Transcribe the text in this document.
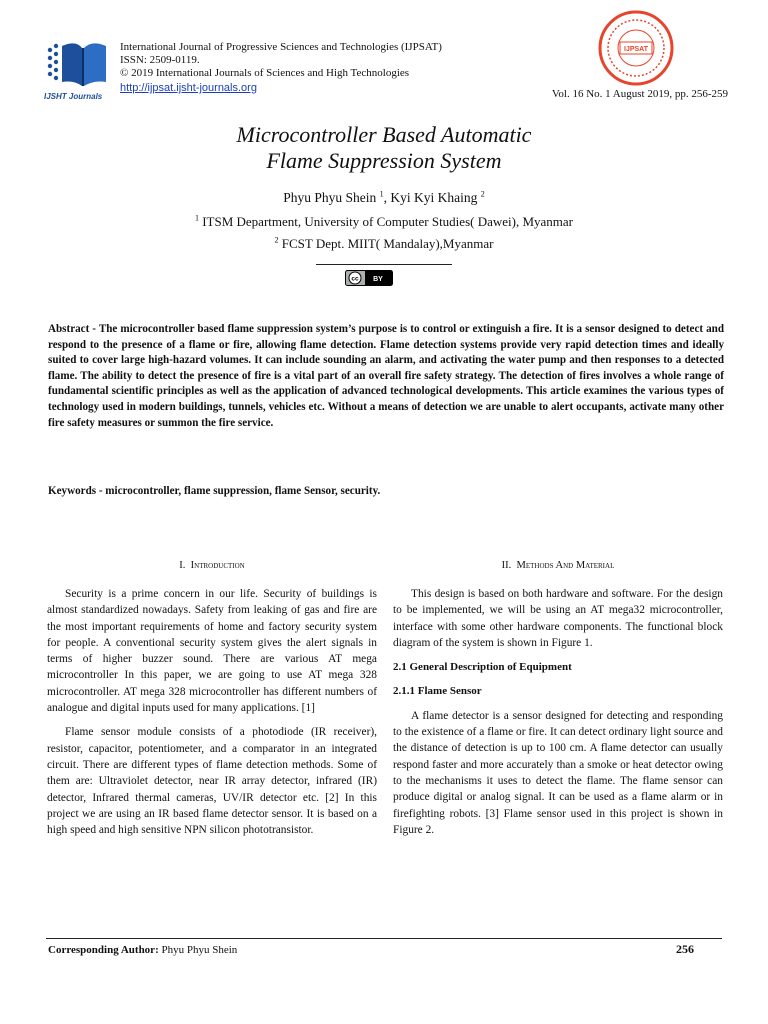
IJSHT Journals
International Journal of Progressive Sciences and Technologies (IJPSAT)
ISSN: 2509-0119.
© 2019 International Journals of Sciences and High Technologies
http://ijpsat.ijsht-journals.org	Vol. 16 No. 1 August 2019, pp. 256-259
IJPSAT
Microcontroller Based Automatic
Flame Suppression System
Phyu Phyu Shein $^1$, Kyi Kyi Khaing $^2$
$^1$ ITSM Department, University of Computer Studies( Dawei), Myanmar
$^2$ FCST Dept. MIIT( Mandalay),Myanmar
cc BY
Abstract - The microcontroller based flame suppression system’s purpose is to control or extinguish a fire. It is a sensor designed to detect and respond to the presence of a flame or fire, allowing flame detection. Flame detection systems provide very rapid detection times and ideally suited to cover large high-hazard volumes. It can include sounding an alarm, and activating the water pump and then responses to a detected flame. The ability to detect the presence of fire is a vital part of an overall fire safety strategy. The detection of fires involves a whole range of fundamental scientific principles as well as the application of advanced technological developments. This article examines the various types of technology used in modern buildings, tunnels, vehicles etc. Without a means of detection we are unable to alert occupants, activate many other fire safety measures or summon the fire service.
Keywords - microcontroller, flame suppression, flame Sensor, security.
I. Introduction

Security is a prime concern in our life. Security of buildings is almost standardized nowadays. Safety from leaking of gas and fire are the most important requirements of home and factory security system for people. A conventional security system gives the alert signals in terms of higher buzzer sound. There are various AT mega microcontroller In this paper, we are going to use AT mega 328 microcontroller. AT mega 328 microcontroller has different numbers of analogue and digital inputs used for many applications. [1]

Flame sensor module consists of a photodiode (IR receiver), resistor, capacitor, potentiometer, and a comparator in an integrated circuit. There are different types of flame detection methods. Some of them are: Ultraviolet detector, near IR array detector, infrared (IR) detector, Infrared thermal cameras, UV/IR detector etc. [2] In this project we are using an IR based flame detector sensor. It is based on a high speed and high sensitive NPN silicon phototransistor.

II. Methods And Material

This design is based on both hardware and software. For the design to be implemented, we will be using an AT mega32 microcontroller, interface with some other hardware components. The functional block diagram of the system is shown in Figure 1.

2.1 General Description of Equipment
2.1.1 Flame Sensor

A flame detector is a sensor designed for detecting and responding to the existence of a flame or fire. It can detect ordinary light source and the distance of detection is up to 100 cm. A flame detector can usually respond faster and more accurately than a smoke or heat detector owing to the mechanisms it uses to detect the flame. The flame sensor can produce digital or analog signal. It can be used as a flame alarm or in firefighting robots. [3] Flame sensor used in this project is shown in Figure 2.

Corresponding Author: Phyu Phyu Shein	256
